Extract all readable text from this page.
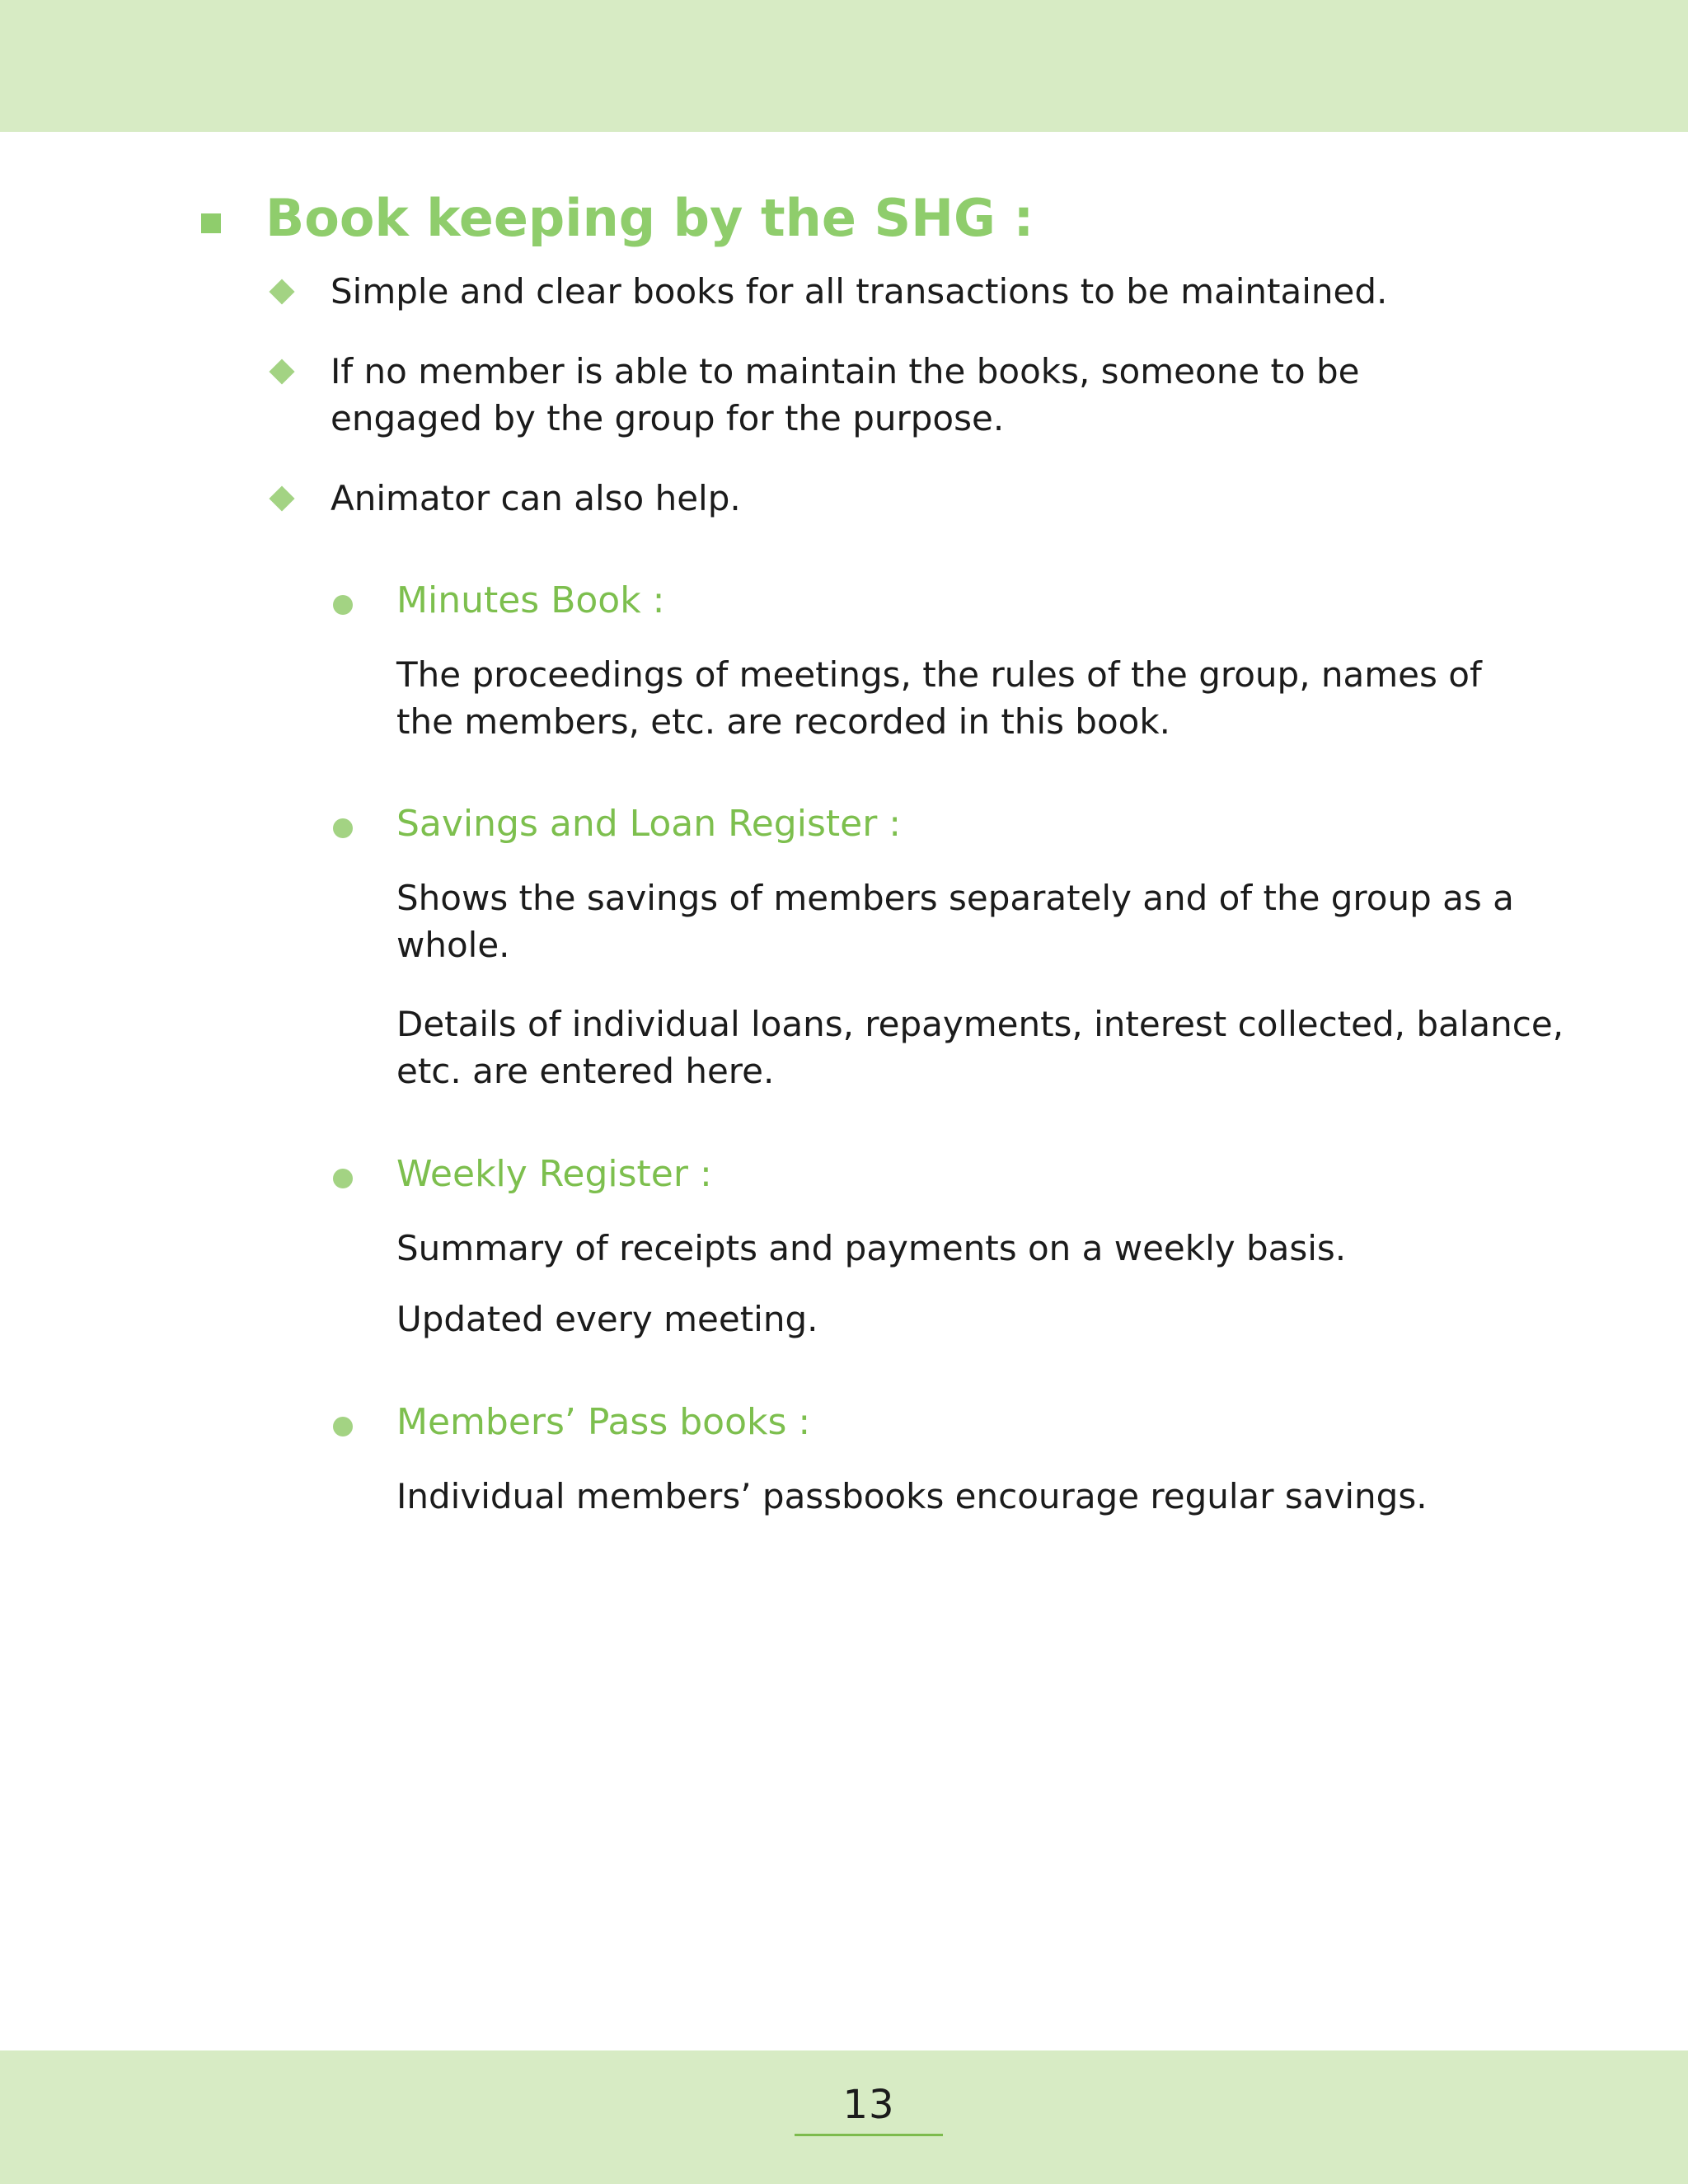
Book keeping by the SHG :
Simple and clear books for all transactions to be maintained.
If no member is able to maintain the books, someone to be
engaged by the group for the purpose.
Animator can also help.
Minutes Book :
The proceedings of meetings, the rules of the group, names of
the members, etc. are recorded in this book.
Savings and Loan Register :
Shows the savings of members separately and of the group as a
whole.
Details of individual loans, repayments, interest collected, balance,
etc. are entered here.
Weekly Register :
Summary of receipts and payments on a weekly basis.
Updated every meeting.
Members’ Pass books :
Individual members’ passbooks encourage regular savings.
13
